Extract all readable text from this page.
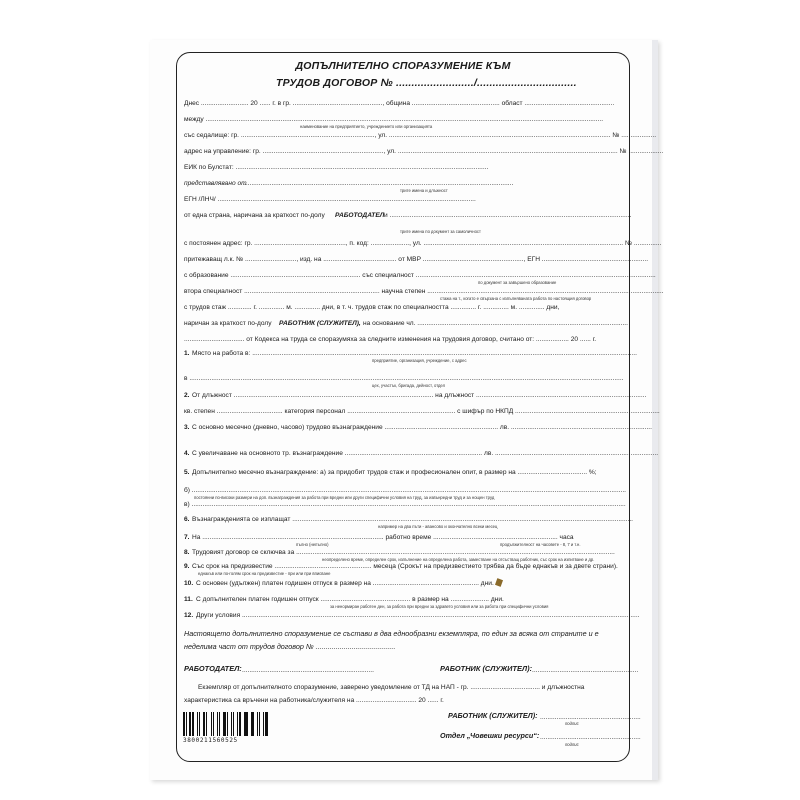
ДОПЪЛНИТЕЛНО СПОРАЗУМЕНИЕ КЪМ
ТРУДОВ ДОГОВОР № ........................./................................
Днес .......................... 20 ...... г. в гр. ................................................., община ................................................ област .................................................
между .........................................................................................................................................................................................................................
наименование на предприятието, учреждението или организацията
със седалище: гр. ........................................................................., ул. ......................................................................................................................... № ...................
адрес на управление: гр. .................................................................., ул. ........................................................................................................................ № ...................
ЕИК по Булстат: ..........................................................................................................................................
представлявано от
...................................................................................................................................................
трите имена и длъжност
ЕГН /ЛНЧ/ .............................................................................................................................................
от една страна, наричана за краткост по-долу РАБОТОДАТЕЛ и ....................................................................................................................................
трите имена по документ за самоличност
с постоянен адрес: гр. .................................................., п. код: ....................., ул. ............................................................................................................. № ...............
притежаващ л.к. № ............................, изд. на ........................................ от МВР ......................................................., ЕГН ..........................................................
с образование ....................................................................... със специалност ...................................................................................................................................
по документ за завършено образование
втора специалност .......................................................................... научна степен .................................................................................................................................
стажа на т., когато е свързана с изпълняваната работа по настоящия договор
с трудов стаж ............. г. .............. м. .............. дни, в т. ч. трудов стаж по специалността .............. г. .............. м. .............. дни,
наричан за краткост по-долу РАБОТНИК (СЛУЖИТЕЛ), на основание чл. ...................................................................................................................
................................. от Кодекса на труда се споразумяха за следните изменения на трудовия договор, считано от: .................. 20 ...... г.
1. Място на работа в: ..................................................................................................................................................................................................................
предприятие, организация, учреждение, с адрес
в .............................................................................................................................................................................................................................................
цех, участък, бригада, дейност, отдел
2. От длъжност ............................................................................................................. на длъжност .............................................................................................
кв. степен .................................... категория персонал ........................................................... с шифър по НКПД ...............................................................................
3. С основно месечно (дневно, часово) трудово възнаграждение .............................................................. лв. .............................................................................
4. С увеличаване на основното тр. възнаграждение ........................................................................... лв. .........................................................................................
5. Допълнително месечно възнаграждение: а) за придобит трудов стаж и професионален опит, в размер на ...................................... %;
б) .............................................................................................................................................................................................................................................
постоянни по-високи размери на доп. възнаграждения за работа при вредни или други специфични условия на труд, за извънредни труд и за нощен труд
в) .............................................................................................................................................................................................................................................
6. Възнагражденията се изплащат ..........................................................................................................................................................................................
например на два пъти - авансово и окончателно всеки месец
7. На ................................................................................................... работно време .................................................................... часа
пълно (непълно)	продължителност на часовете - 8, 7 и т.н.
8. Трудовият договор се сключва за ..............................................................................................................................................................................
неопределено време, определен срок, изпълнение на определена работа, заместване на отсъстващ работник, със срок на изпитване и др.
9. Със срок на предизвестие ..................................................... месеца (Срокът на предизвестието трябва да бъде еднакъв и за двете страни).
еднакъв или по-голям срок на предизвестие - при или при вписване
10. С основен (удължен) платен годишен отпуск в размер на .......................................................... дни.
11. С допълнителен платен годишен отпуск ................................................. в размер на ..................... дни.
за ненормиран работен ден, за работа при вредни за здравето условия или за работа при специфични условия
12. Други условия .........................................................................................................................................................................................................................
Настоящето допълнително споразумение се състави в два еднообразни екземпляра, по един за всяка от страните и е неделима част от трудов договор № ........................................
РАБОТОДАТЕЛ: ........................................................................	РАБОТНИК (СЛУЖИТЕЛ): ..........................................................
Екземпляр от допълнителното споразумение, заверено уведомление от ТД на НАП - гр. ...................................... и длъжностна
характеристика са връчени на работника/служителя на ................................. 20 ...... г.
РАБОТНИК (СЛУЖИТЕЛ): .......................................................
подпис
Отдел „Човешки ресурси“: .......................................................
подпис
3800211560525
